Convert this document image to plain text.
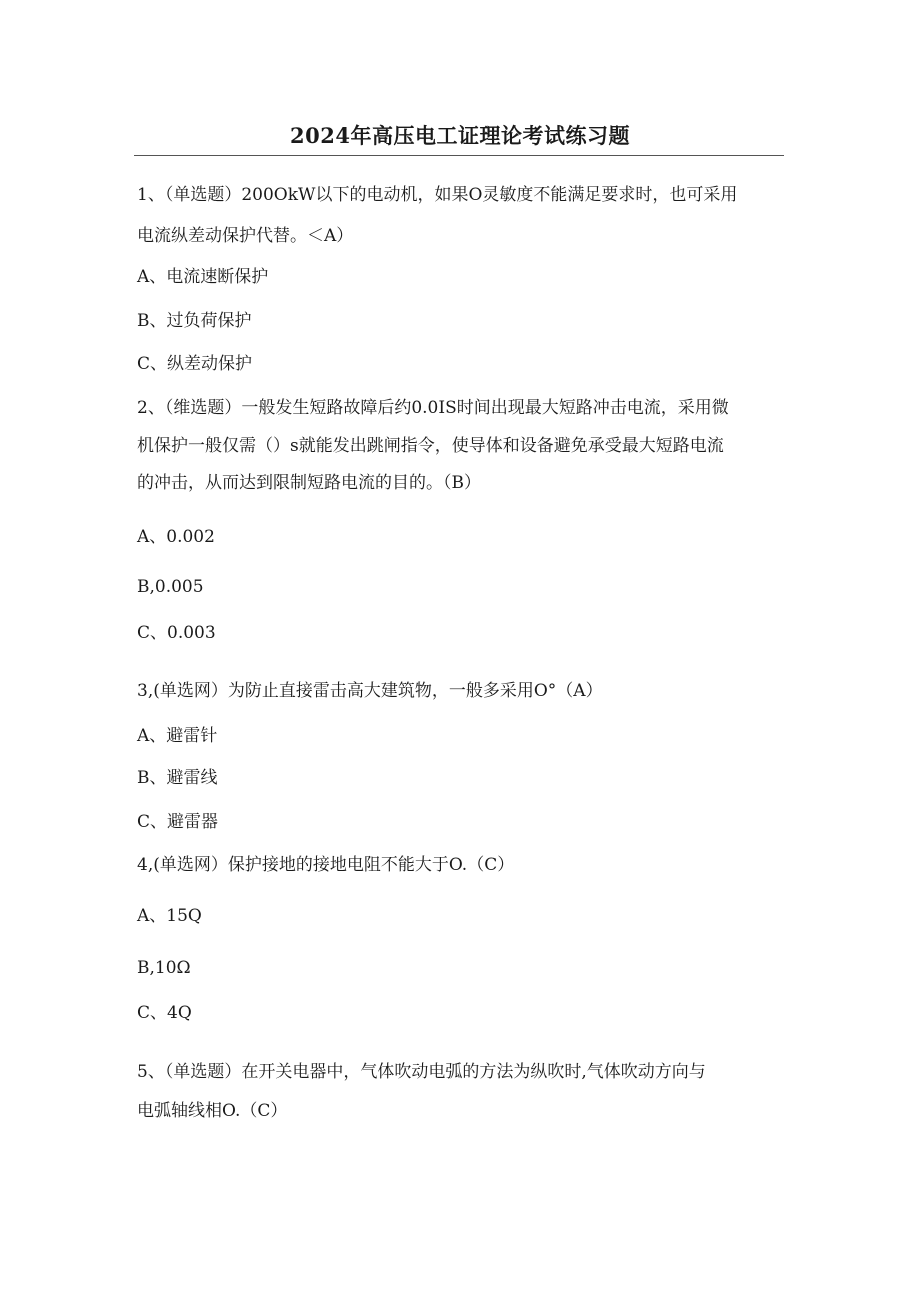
2024年高压电工证理论考试练习题
1、（单选题）200OkW以下的电动机，如果O灵敏度不能满足要求时，也可采用
电流纵差动保护代替。＜A）
A、电流速断保护
B、过负荷保护
C、纵差动保护
2、（维选题）一般发生短路故障后约0.0IS时间出现最大短路冲击电流，采用微
机保护一般仅需（）s就能发出跳闸指令，使导体和设备避免承受最大短路电流
的冲击，从而达到限制短路电流的目的。（B）
A、0.002
B,0.005
C、0.003
3,(单选网）为防止直接雷击高大建筑物，一般多采用O°（A）
A、避雷针
B、避雷线
C、避雷器
4,(单选网）保护接地的接地电阻不能大于O.（C）
A、15Q
B,10Ω
C、4Q
5、（单选题）在开关电器中，气体吹动电弧的方法为纵吹时,气体吹动方向与
电弧轴线相O.（C）
